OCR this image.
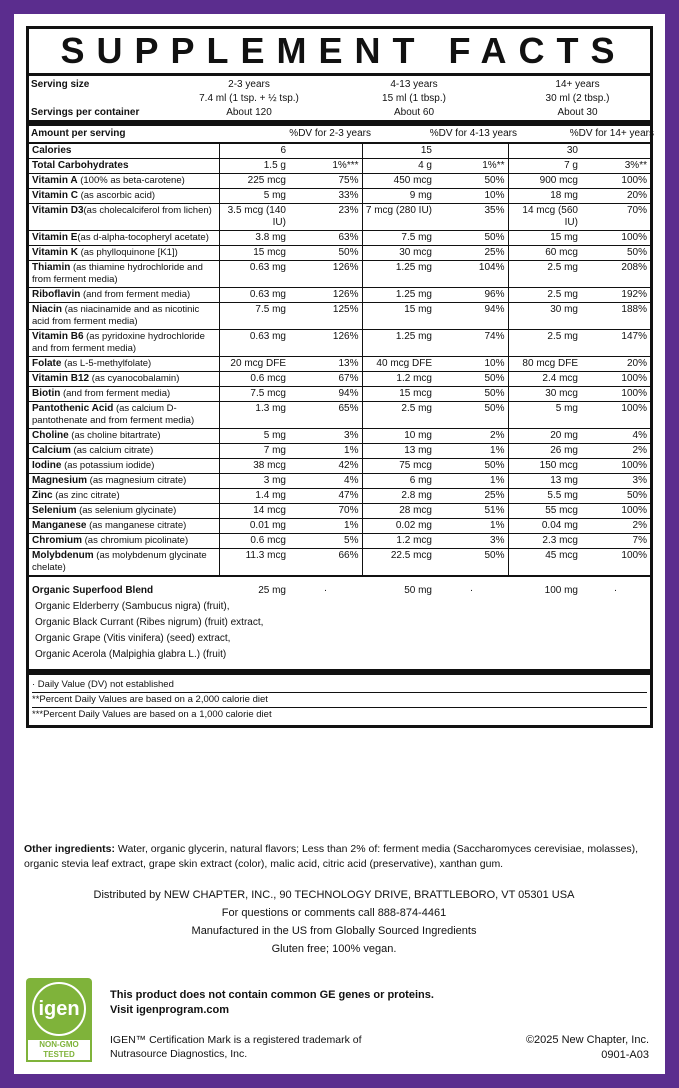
SUPPLEMENT FACTS
Serving size	2-3 years	4-13 years	14+ years
7.4 ml (1 tsp. + ½ tsp.)	15 ml (1 tbsp.)	30 ml (2 tbsp.)
Servings per container	About 120	About 60	About 30
Amount per serving	%DV for 2-3 years	%DV for 4-13 years	%DV for 14+ years
Calories	6		15		30	
Total Carbohydrates	1.5 g	1%***	4 g	1%**	7 g	3%**
Vitamin A (100% as beta-carotene)	225 mcg	75%	450 mcg	50%	900 mcg	100%
Vitamin C (as ascorbic acid)	5 mg	33%	9 mg	10%	18 mg	20%
Vitamin D3(as cholecalciferol from lichen)	3.5 mcg (140 IU)	23%	7 mcg (280 IU)	35%	14 mcg (560 IU)	70%
Vitamin E(as d-alpha-tocopheryl acetate)	3.8 mg	63%	7.5 mg	50%	15 mg	100%
Vitamin K (as phylloquinone [K1])	15 mcg	50%	30 mcg	25%	60 mcg	50%
Thiamin (as thiamine hydrochloride and from ferment media)	0.63 mg	126%	1.25 mg	104%	2.5 mg	208%
Riboflavin (and from ferment media)	0.63 mg	126%	1.25 mg	96%	2.5 mg	192%
Niacin (as niacinamide and as nicotinic acid from ferment media)	7.5 mg	125%	15 mg	94%	30 mg	188%
Vitamin B6 (as pyridoxine hydrochloride and from ferment media)	0.63 mg	126%	1.25 mg	74%	2.5 mg	147%
Folate (as L-5-methylfolate)	20 mcg DFE	13%	40 mcg DFE	10%	80 mcg DFE	20%
Vitamin B12 (as cyanocobalamin)	0.6 mcg	67%	1.2 mcg	50%	2.4 mcg	100%
Biotin (and from ferment media)	7.5 mcg	94%	15 mcg	50%	30 mcg	100%
Pantothenic Acid (as calcium D-pantothenate and from ferment media)	1.3 mg	65%	2.5 mg	50%	5 mg	100%
Choline (as choline bitartrate)	5 mg	3%	10 mg	2%	20 mg	4%
Calcium (as calcium citrate)	7 mg	1%	13 mg	1%	26 mg	2%
Iodine (as potassium iodide)	38 mcg	42%	75 mcg	50%	150 mcg	100%
Magnesium (as magnesium citrate)	3 mg	4%	6 mg	1%	13 mg	3%
Zinc (as zinc citrate)	1.4 mg	47%	2.8 mg	25%	5.5 mg	50%
Selenium (as selenium glycinate)	14 mcg	70%	28 mcg	51%	55 mcg	100%
Manganese (as manganese citrate)	0.01 mg	1%	0.02 mg	1%	0.04 mg	2%
Chromium (as chromium picolinate)	0.6 mcg	5%	1.2 mcg	3%	2.3 mcg	7%
Molybdenum (as molybdenum glycinate chelate)	11.3 mcg	66%	22.5 mcg	50%	45 mcg	100%
Organic Superfood Blend	25 mg	·	50 mg	·	100 mg	·

Organic Elderberry (Sambucus nigra) (fruit),
Organic Black Currant (Ribes nigrum) (fruit) extract,
Organic Grape (Vitis vinifera) (seed) extract,
Organic Acerola (Malpighia glabra L.) (fruit)
· Daily Value (DV) not established
**Percent Daily Values are based on a 2,000 calorie diet
***Percent Daily Values are based on a 1,000 calorie diet
Other ingredients: Water, organic glycerin, natural flavors; Less than 2% of: ferment media (Saccharomyces cerevisiae, molasses), organic stevia leaf extract, grape skin extract (color), malic acid, citric acid (preservative), xanthan gum.
Distributed by NEW CHAPTER, INC., 90 TECHNOLOGY DRIVE, BRATTLEBORO, VT 05301 USA
For questions or comments call 888-874-4461
Manufactured in the US from Globally Sourced Ingredients
Gluten free; 100% vegan.
igen
NON-GMO
TESTED
This product does not contain common GE genes or proteins.
Visit igenprogram.com
IGEN™ Certification Mark is a registered trademark of
Nutrasource Diagnostics, Inc.
©2025 New Chapter, Inc.
0901-A03
